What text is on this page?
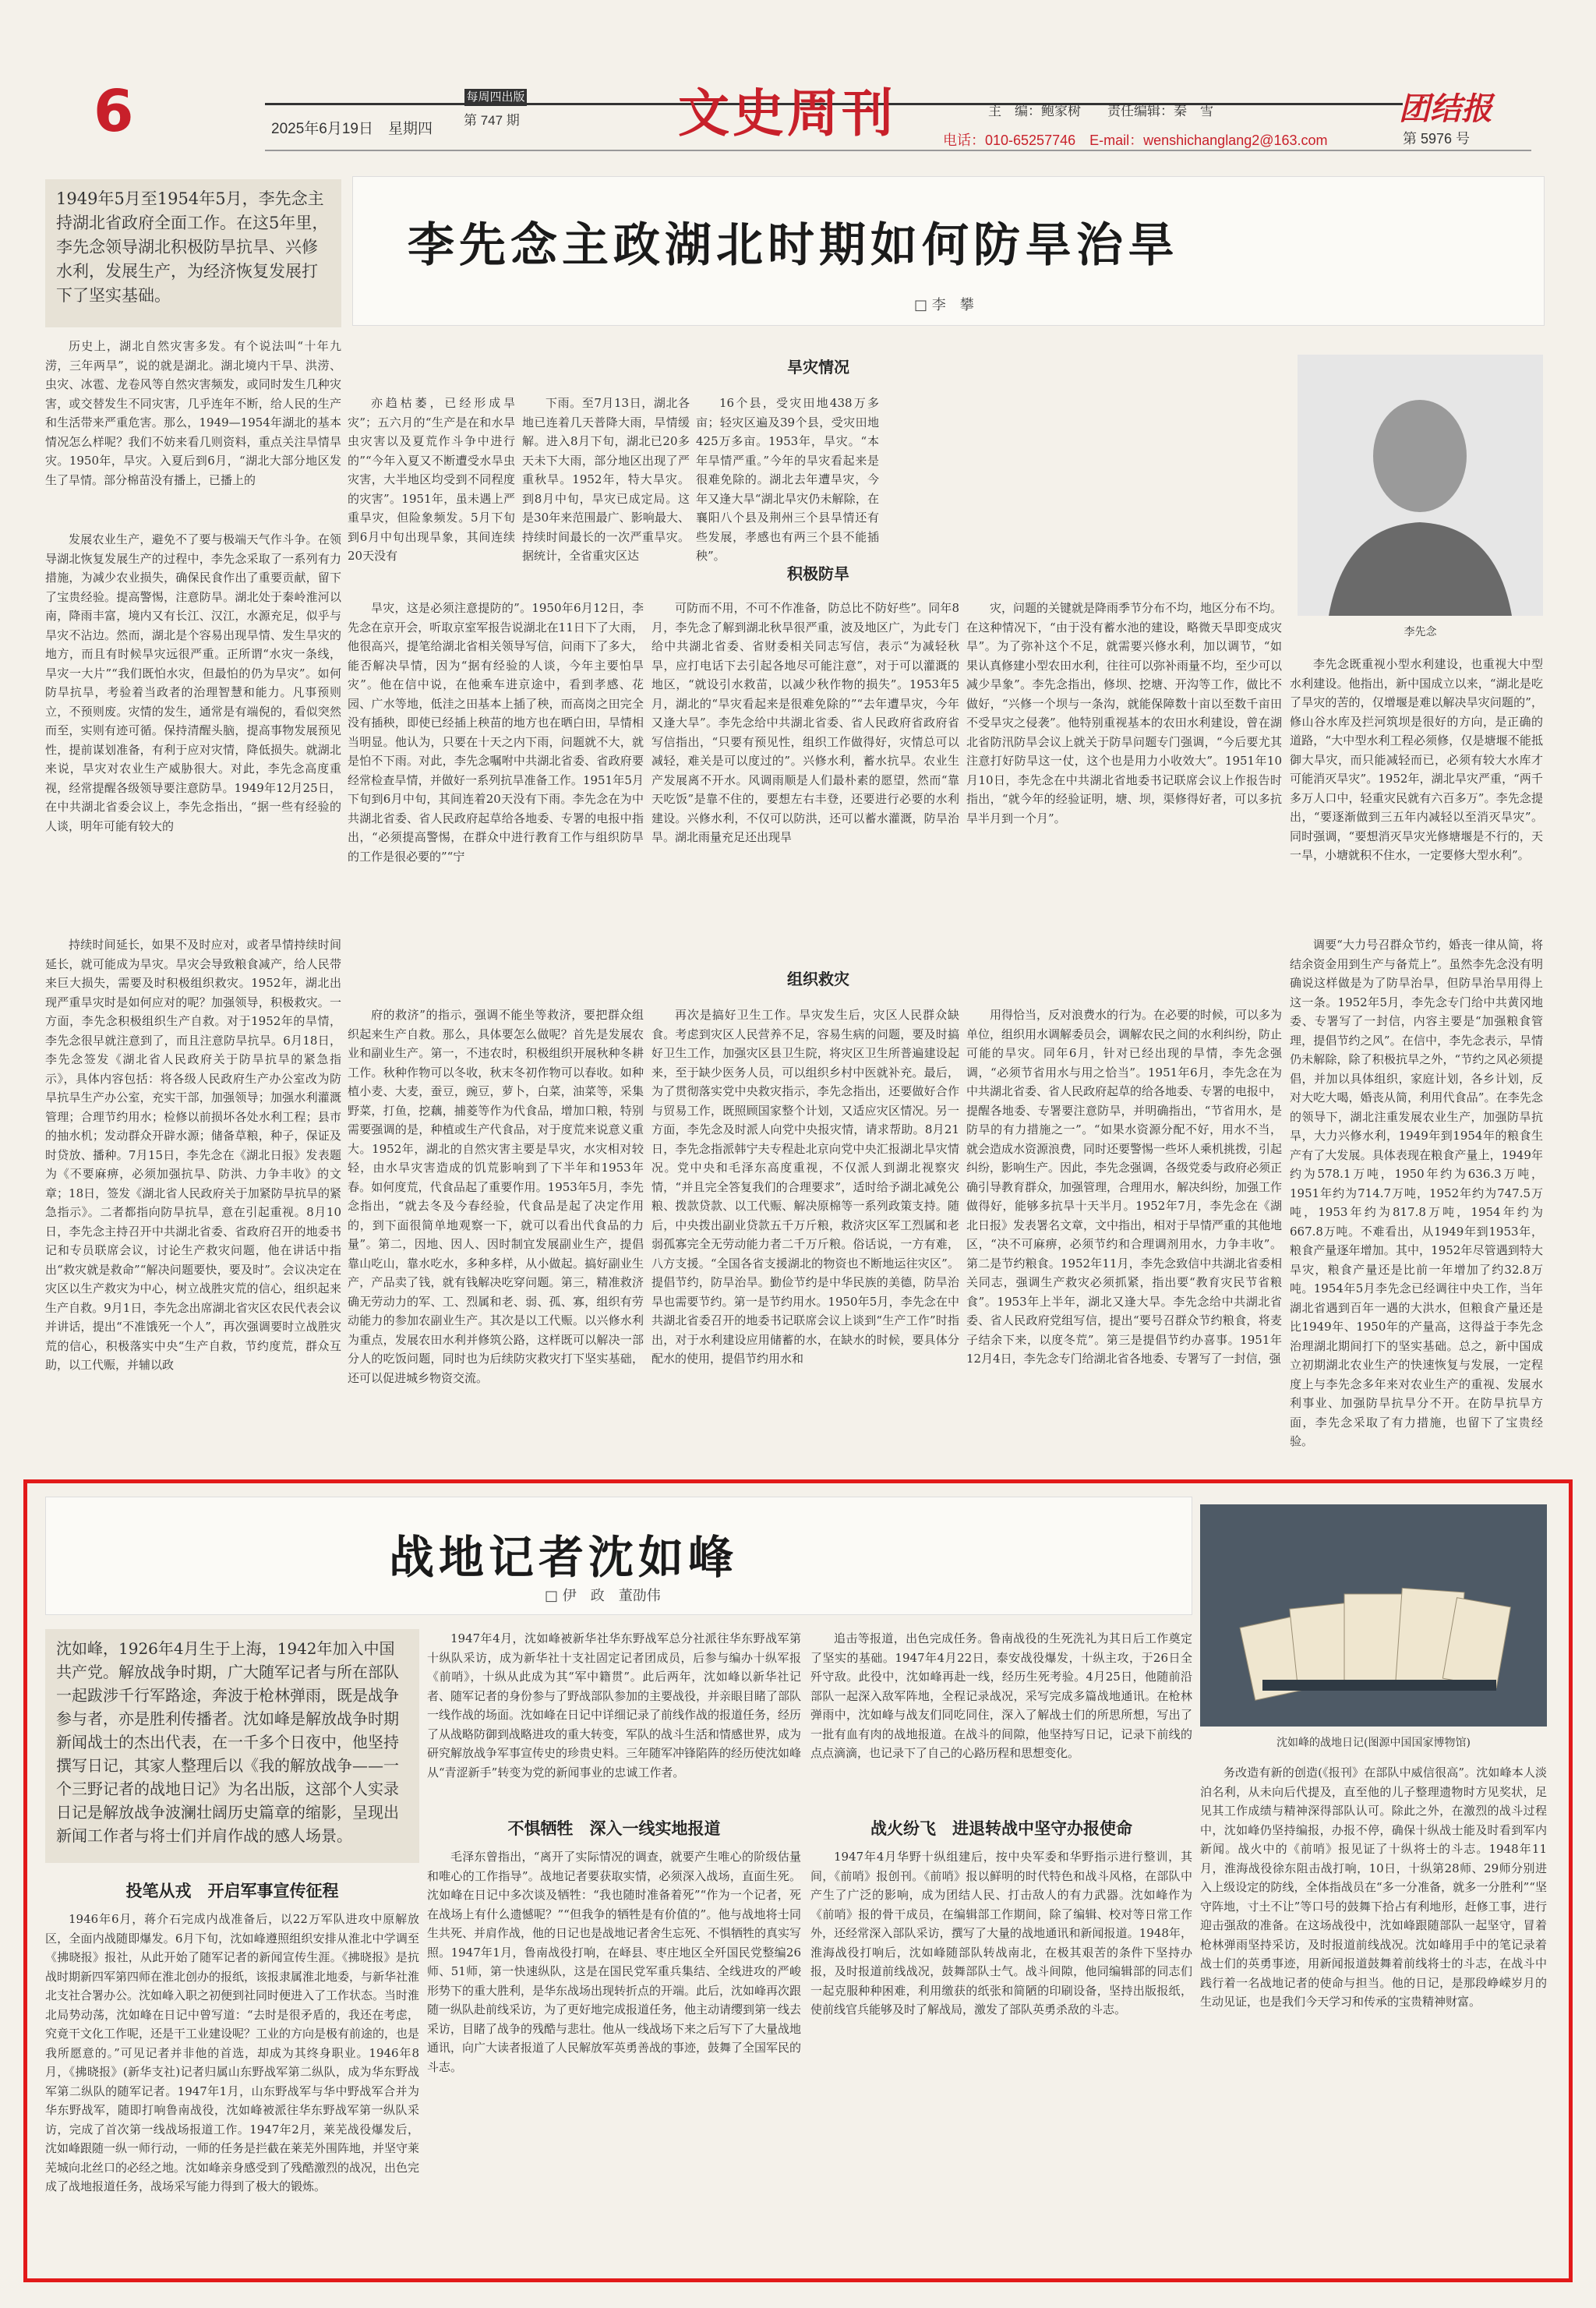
6	每周四出版
2025年6月19日　星期四
第 747 期	文史周刊	主　编：鲍家树　　责任编辑：秦　雪
电话：010-65257746　E-mail：wenshichanglang2@163.com
团结报
第 5976 号
1949年5月至1954年5月，李先念主持湖北省政府全面工作。在这5年里，李先念领导湖北积极防旱抗旱、兴修水利，发展生产，为经济恢复发展打下了坚实基础。
李先念主政湖北时期如何防旱治旱
□ 李　攀

历史上，湖北自然灾害多发。有个说法叫“十年九涝，三年两旱”，说的就是湖北。湖北境内干旱、洪涝、虫灾、冰雹、龙卷风等自然灾害频发，或同时发生几种灾害，或交替发生不同灾害，几乎连年不断，给人民的生产和生活带来严重危害。那么，1949—1954年湖北的基本情况怎么样呢？我们不妨来看几则资料，重点关注旱情旱灾。1950年，旱灾。入夏后到6月，“湖北大部分地区发生了旱情。部分棉苗没有播上，已播上的

旱灾情况

亦趋枯萎，已经形成旱灾”；五六月的“生产是在和水旱虫灾害以及夏荒作斗争中进行的”“今年入夏又不断遭受水旱虫灾害，大半地区均受到不同程度的灾害”。1951年，虽未遇上严重旱灾，但险象频发。5月下旬到6月中旬出现旱象，其间连续20天没有

下雨。至7月13日，湖北各地已连着几天普降大雨，旱情缓解。进入8月下旬，湖北已20多天未下大雨，部分地区出现了严重秋旱。1952年，特大旱灾。到8月中旬，旱灾已成定局。这是30年来范围最广、影响最大、持续时间最长的一次严重旱灾。据统计，全省重灾区达

16个县，受灾田地438万多亩；轻灾区遍及39个县，受灾田地425万多亩。1953年，旱灾。“本年旱情严重。”今年的旱灾看起来是很难免除的。湖北去年遭旱灾，今年又逢大旱“湖北旱灾仍未解除，在襄阳八个县及荆州三个县旱情还有些发展，孝感也有两三个县不能插秧”。

李先念
积极防旱

发展农业生产，避免不了要与极端天气作斗争。在领导湖北恢复发展生产的过程中，李先念采取了一系列有力措施，为减少农业损失，确保民食作出了重要贡献，留下了宝贵经验。提高警惕，注意防旱。湖北处于秦岭淮河以南，降雨丰富，境内又有长江、汉江，水源充足，似乎与旱灾不沾边。然而，湖北是个容易出现旱情、发生旱灾的地方，而且有时候旱灾远很严重。正所谓“水灾一条线，旱灾一大片”“我们既怕水灾，但最怕的仍为旱灾”。如何防旱抗旱，考验着当政者的治理智慧和能力。凡事预则立，不预则废。灾情的发生，通常是有端倪的，看似突然而至，实则有迹可循。保持清醒头脑，提高事物发展预见性，提前谋划准备，有利于应对灾情，降低损失。就湖北来说，旱灾对农业生产威胁很大。对此，李先念高度重视，经常提醒各级领导要注意防旱。1949年12月25日，在中共湖北省委会议上，李先念指出，“据一些有经验的人谈，明年可能有较大的

旱灾，这是必须注意提防的”。1950年6月12日，李先念在京开会，听取京室军报告说湖北在11日下了大雨，他很高兴，提笔给湖北省相关领导写信，问雨下了多大，能否解决旱情，因为“据有经验的人谈，今年主要怕旱灾”。他在信中说，在他乘车进京途中，看到孝感、花园、广水等地，低洼之田基本上插了秧，而高岗之田完全没有插秧，即使已经插上秧苗的地方也在晒白田，旱情相当明显。他认为，只要在十天之内下雨，问题就不大，就是怕不下雨。对此，李先念嘱咐中共湖北省委、省政府要经常检查旱情，并做好一系列抗旱准备工作。1951年5月下旬到6月中旬，其间连着20天没有下雨。李先念在为中共湖北省委、省人民政府起草给各地委、专署的电报中指出，“必须提高警惕，在群众中进行教育工作与组织防旱的工作是很必要的”“宁

可防而不用，不可不作准备，防总比不防好些”。同年8月，李先念了解到湖北秋旱很严重，波及地区广，为此专门给中共湖北省委、省财委相关同志写信，表示“为减轻秋旱，应打电话下去引起各地尽可能注意”，对于可以灌溉的地区，“就设引水救苗，以减少秋作物的损失”。1953年5月，湖北的“旱灾看起来是很难免除的”“去年遭旱灾，今年又逢大旱”。李先念给中共湖北省委、省人民政府省政府省写信指出，“只要有预见性，组织工作做得好，灾情总可以减轻，难关是可以度过的”。兴修水利，蓄水抗旱。农业生产发展离不开水。风调雨顺是人们最朴素的愿望，然而“靠天吃饭”是靠不住的，要想左右丰登，还要进行必要的水利建设。兴修水利，不仅可以防洪，还可以蓄水灌溉，防旱治旱。湖北雨量充足还出现旱

灾，问题的关键就是降雨季节分布不均，地区分布不均。在这种情况下，“由于没有蓄水池的建设，略微天旱即变成灾旱”。为了弥补这个不足，就需要兴修水利，加以调节，“如果认真修建小型农田水利，往往可以弥补雨量不均，至少可以减少旱象”。李先念指出，修坝、挖塘、开沟等工作，做比不做好，“兴修一个坝与一条沟，就能保障数十亩以至数千亩田不受旱灾之侵袭”。他特别重视基本的农田水利建设，曾在湖北省防汛防旱会议上就关于防旱问题专门强调，“今后要尤其注意打好防旱这一仗，这个也是用力小收效大”。1951年10月10日，李先念在中共湖北省地委书记联席会议上作报告时指出，“就今年的经验证明，塘、坝，渠修得好者，可以多抗旱半月到一个月”。

李先念既重视小型水利建设，也重视大中型水利建设。他指出，新中国成立以来，“湖北是吃了旱灾的苦的，仅增堰是难以解决旱灾问题的”，修山谷水库及拦河筑坝是很好的方向，是正确的道路，“大中型水利工程必须修，仅是塘堰不能抵御大旱灾，而只能减轻而已，必须有较大水库才可能消灭旱灾”。1952年，湖北旱灾严重，“两千多万人口中，轻重灾民就有六百多万”。李先念提出，“要逐渐做到三五年内减轻以至消灭旱灾”。同时强调，“要想消灭旱灾光修塘堰是不行的，天一旱，小塘就积不住水，一定要修大型水利”。

组织救灾

持续时间延长，如果不及时应对，或者旱情持续时间延长，就可能成为旱灾。旱灾会导致粮食减产，给人民带来巨大损失，需要及时积极组织救灾。1952年，湖北出现严重旱灾时是如何应对的呢？加强领导，积极救灾。一方面，李先念积极组织生产自救。对于1952年的旱情，李先念很早就注意到了，而且注意防旱抗旱。6月18日，李先念签发《湖北省人民政府关于防旱抗旱的紧急指示》，具体内容包括：将各级人民政府生产办公室改为防旱抗旱生产办公室，充实干部，加强领导；加强水利灌溉管理；合理节约用水；检修以前损坏各处水利工程；县市的抽水机；发动群众开辟水源；储备草粮，种子，保证及时贷放、播种。7月15日，李先念在《湖北日报》发表题为《不要麻痹，必须加强抗旱、防洪、力争丰收》的文章；18日，签发《湖北省人民政府关于加紧防旱抗旱的紧急指示》。二者都指向防旱抗旱，意在引起重视。8月10日，李先念主持召开中共湖北省委、省政府召开的地委书记和专员联席会议，讨论生产救灾问题，他在讲话中指出“救灾就是救命”“解决问题要快，要及时”。会议决定在灾区以生产救灾为中心，树立战胜灾荒的信心，组织起来生产自救。9月1日，李先念出席湖北省灾区农民代表会议并讲话，提出“不准饿死一个人”，再次强调要时立战胜灾荒的信心，积极落实中央“生产自救，节约度荒，群众互助，以工代赈，并辅以政

府的救济”的指示，强调不能坐等救济，要把群众组织起来生产自救。那么，具体要怎么做呢？首先是发展农业和副业生产。第一，不违农时，积极组织开展秋种冬耕工作。秋种作物可以冬收，秋末冬初作物可以春收。如种植小麦、大麦，蚕豆，豌豆，萝卜，白菜，油菜等，采集野菜，打鱼，挖藕，捕菱等作为代食品，增加口粮，特别需要强调的是，种植或生产代食品，对于度荒来说意义重大。1952年，湖北的自然灾害主要是旱灾，水灾相对较轻，由水旱灾害造成的饥荒影响到了下半年和1953年春。如何度荒，代食品起了重要作用。1953年5月，李先念指出，“就去冬及今春经验，代食品是起了决定作用的，到下面很简单地观察一下，就可以看出代食品的力量”。第二，因地、因人、因时制宜发展副业生产，提倡靠山吃山，靠水吃水，多种多样，从小做起。搞好副业生产，产品卖了钱，就有钱解决吃穿问题。第三，精准救济确无劳动力的军、工、烈属和老、弱、孤、寡，组织有劳动能力的参加农副业生产。其次是以工代赈。以兴修水利为重点，发展农田水利并修筑公路，这样既可以解决一部分人的吃饭问题，同时也为后续防灾救灾打下坚实基础，还可以促进城乡物资交流。

再次是搞好卫生工作。旱灾发生后，灾区人民群众缺食。考虑到灾区人民营养不足，容易生病的问题，要及时搞好卫生工作，加强灾区县卫生院，将灾区卫生所普遍建设起来，至于缺少医务人员，可以组织乡村中医就补充。最后，为了贯彻落实党中央救灾指示，李先念指出，还要做好合作与贸易工作，既照顾国家整个计划，又适应灾区情况。另一方面，李先念及时派人向党中央报灾情，请求帮助。8月21日，李先念指派韩宁夫专程赴北京向党中央汇报湖北旱灾情况。党中央和毛泽东高度重视，不仅派人到湖北视察灾情，“并且完全答复我们的合理要求”，适时给予湖北减免公粮、拨款贷款、以工代赈、解决原棉等一系列政策支持。随后，中央拨出副业贷款五千万斤粮，救济灾区军工烈属和老弱孤寡完全无劳动能力者二千万斤粮。俗话说，一方有难，八方支援。“全国各省支援湖北的物资也不断地运往灾区”。提倡节约，防旱治旱。勤俭节约是中华民族的美德，防旱治旱也需要节约。第一是节约用水。1950年5月，李先念在中共湖北省委召开的地委书记联席会议上谈到“生产工作”时指出，对于水利建设应用储蓄的水，在缺水的时候，要具体分配水的使用，提倡节约用水和

用得恰当，反对浪费水的行为。在必要的时候，可以多为单位，组织用水调解委员会，调解农民之间的水利纠纷，防止可能的旱灾。同年6月，针对已经出现的旱情，李先念强调，“必须节省用水与用之恰当”。1951年6月，李先念在为中共湖北省委、省人民政府起草的给各地委、专署的电报中，提醒各地委、专署要注意防旱，并明确指出，“节省用水，是防旱的有力措施之一”。“如果水资源分配不好，用水不当，就会造成水资源浪费，同时还要警惕一些坏人乘机挑拨，引起纠纷，影响生产。因此，李先念强调，各级党委与政府必须正确引导教育群众，加强管理，合理用水，解决纠纷，加强工作做得好，能够多抗旱十天半月。1952年7月，李先念在《湖北日报》发表署名文章，文中指出，相对于旱情严重的其他地区，“决不可麻痹，必须节约和合理调剂用水，力争丰收”。第二是节约粮食。1952年11月，李先念致信中共湖北省委相关同志，强调生产救灾必须抓紧，指出要“教育灾民节省粮食”。1953年上半年，湖北又逢大旱。李先念给中共湖北省委、省人民政府党组写信，提出“要号召群众节约粮食，将麦子结余下来，以度冬荒”。第三是提倡节约办喜事。1951年12月4日，李先念专门给湖北省各地委、专署写了一封信，强

调要“大力号召群众节约，婚丧一律从简，将结余资金用到生产与备荒上”。虽然李先念没有明确说这样做是为了防旱治旱，但防旱治旱用得上这一条。1952年5月，李先念专门给中共黄冈地委、专署写了一封信，内容主要是“加强粮食管理，提倡节约之风”。在信中，李先念表示，旱情仍未解除，除了积极抗旱之外，“节约之风必须提倡，并加以具体组织，家庭计划，各乡计划，反对大吃大喝，婚丧从简，利用代食品”。在李先念的领导下，湖北注重发展农业生产，加强防旱抗旱，大力兴修水利，1949年到1954年的粮食生产有了大发展。具体表现在粮食产量上，1949年约为578.1万吨，1950年约为636.3万吨，1951年约为714.7万吨，1952年约为747.5万吨，1953年约为817.8万吨，1954年约为667.8万吨。不难看出，从1949年到1953年，粮食产量逐年增加。其中，1952年尽管遇到特大旱灾，粮食产量还是比前一年增加了约32.8万吨。1954年5月李先念已经调往中央工作，当年湖北省遇到百年一遇的大洪水，但粮食产量还是比1949年、1950年的产量高，这得益于李先念治理湖北期间打下的坚实基础。总之，新中国成立初期湖北农业生产的快速恢复与发展，一定程度上与李先念多年来对农业生产的重视、发展水利事业、加强防旱抗旱分不开。在防旱抗旱方面，李先念采取了有力措施，也留下了宝贵经验。

战地记者沈如峰
□ 伊　政　董劭伟
沈如峰，1926年4月生于上海，1942年加入中国共产党。解放战争时期，广大随军记者与所在部队一起跋涉千行军路途，奔波于枪林弹雨，既是战争参与者，亦是胜利传播者。沈如峰是解放战争时期新闻战士的杰出代表，在一千多个日夜中，他坚持撰写日记，其家人整理后以《我的解放战争——一个三野记者的战地日记》为名出版，这部个人实录日记是解放战争波澜壮阔历史篇章的缩影，呈现出新闻工作者与将士们并肩作战的感人场景。
投笔从戎　开启军事宣传征程

1946年6月，蒋介石完成内战准备后，以22万军队进攻中原解放区，全面内战随即爆发。6月下旬，沈如峰遵照组织安排从淮北中学调至《拂晓报》报社，从此开始了随军记者的新闻宣传生涯。《拂晓报》是抗战时期新四军第四师在淮北创办的报纸，该报隶属淮北地委，与新华社淮北支社合署办公。沈如峰入职之初便到社同时便进入了工作状态。当时淮北局势动荡，沈如峰在日记中曾写道：“去时是很矛盾的，我还在考虑，究竟干文化工作呢，还是干工业建设呢？工业的方向是极有前途的，也是我所愿意的。”可见记者并非他的首选，却成为其终身职业。1946年8月，《拂晓报》(新华支社)记者归属山东野战军第二纵队，成为华东野战军第二纵队的随军记者。1947年1月，山东野战军与华中野战军合并为华东野战军，随即打响鲁南战役，沈如峰被派往华东野战军第一纵队采访，完成了首次第一线战场报道工作。1947年2月，莱芜战役爆发后，沈如峰跟随一纵一师行动，一师的任务是拦截在莱芜外围阵地，并坚守莱芜城向北丝口的必经之地。沈如峰亲身感受到了残酷激烈的战况，出色完成了战地报道任务，战场采写能力得到了极大的锻炼。

1947年4月，沈如峰被新华社华东野战军总分社派往华东野战军第十纵队采访，成为新华社十支社固定记者团成员，后参与编办十纵军报《前哨》，十纵从此成为其“军中籍贯”。此后两年，沈如峰以新华社记者、随军记者的身份参与了野战部队参加的主要战役，并亲眼目睹了部队一线作战的场面。沈如峰在日记中详细记录了前线作战的报道任务，经历了从战略防御到战略进攻的重大转变，军队的战斗生活和情感世界，成为研究解放战争军事宣传史的珍贵史料。三年随军冲锋陷阵的经历使沈如峰从“青涩新手”转变为党的新闻事业的忠诚工作者。

追击等报道，出色完成任务。鲁南战役的生死洗礼为其日后工作奠定了坚实的基础。1947年4月22日，泰安战役爆发，十纵主攻，于26日全歼守敌。此役中，沈如峰再赴一线，经历生死考验。4月25日，他随前沿部队一起深入敌军阵地，全程记录战况，采写完成多篇战地通讯。在枪林弹雨中，沈如峰与战友们同吃同住，深入了解战士们的所思所想，写出了一批有血有肉的战地报道。在战斗的间隙，他坚持写日记，记录下前线的点点滴滴，也记录下了自己的心路历程和思想变化。

不惧牺牲　深入一线实地报道

毛泽东曾指出，“离开了实际情况的调查，就要产生唯心的阶级估量和唯心的工作指导”。战地记者要获取实情，必须深入战场，直面生死。沈如峰在日记中多次谈及牺牲：“我也随时准备着死”“作为一个记者，死在战场上有什么遗憾呢？”“但我争的牺牲是有价值的”。他与战地将士同生共死、并肩作战，他的日记也是战地记者舍生忘死、不惧牺牲的真实写照。1947年1月，鲁南战役打响，在峄县、枣庄地区全歼国民党整编26师、51师，第一快速纵队，这是在国民党军重兵集结、全线进攻的严峻形势下的重大胜利，是华东战场出现转折点的开端。此后，沈如峰再次跟随一纵队赴前线采访，为了更好地完成报道任务，他主动请缨到第一线去采访，目睹了战争的残酷与悲壮。他从一线战场下来之后写下了大量战地通讯，向广大读者报道了人民解放军英勇善战的事迹，鼓舞了全国军民的斗志。

战火纷飞　进退转战中坚守办报使命

1947年4月华野十纵组建后，按中央军委和华野指示进行整训，其间，《前哨》报创刊。《前哨》报以鲜明的时代特色和战斗风格，在部队中产生了广泛的影响，成为团结人民、打击敌人的有力武器。沈如峰作为《前哨》报的骨干成员，在编辑部工作期间，除了编辑、校对等日常工作外，还经常深入部队采访，撰写了大量的战地通讯和新闻报道。1948年，淮海战役打响后，沈如峰随部队转战南北，在极其艰苦的条件下坚持办报，及时报道前线战况，鼓舞部队士气。战斗间隙，他同编辑部的同志们一起克服种种困难，利用缴获的纸张和简陋的印刷设备，坚持出版报纸，使前线官兵能够及时了解战局，激发了部队英勇杀敌的斗志。

沈如峰的战地日记(图源中国国家博物馆)

务改造有新的创造(《报刊》在部队中威信很高”。沈如峰本人淡泊名利，从未向后代提及，直至他的儿子整理遗物时方见奖状，足见其工作成绩与精神深得部队认可。除此之外，在激烈的战斗过程中，沈如峰仍坚持编报，办报不停，确保十纵战士能及时看到军内新闻。战火中的《前哨》报见证了十纵将士的斗志。1948年11月，淮海战役徐东阻击战打响，10日，十纵第28师、29师分别进入上级设定的防线，全体指战员在“多一分准备，就多一分胜利”“坚守阵地，寸土不让”等口号的鼓舞下拾占有利地形，赶修工事，进行迎击强敌的准备。在这场战役中，沈如峰跟随部队一起坚守，冒着枪林弹雨坚持采访，及时报道前线战况。沈如峰用手中的笔记录着战士们的英勇事迹，用新闻报道鼓舞着前线将士的斗志，在战斗中践行着一名战地记者的使命与担当。他的日记，是那段峥嵘岁月的生动见证，也是我们今天学习和传承的宝贵精神财富。
